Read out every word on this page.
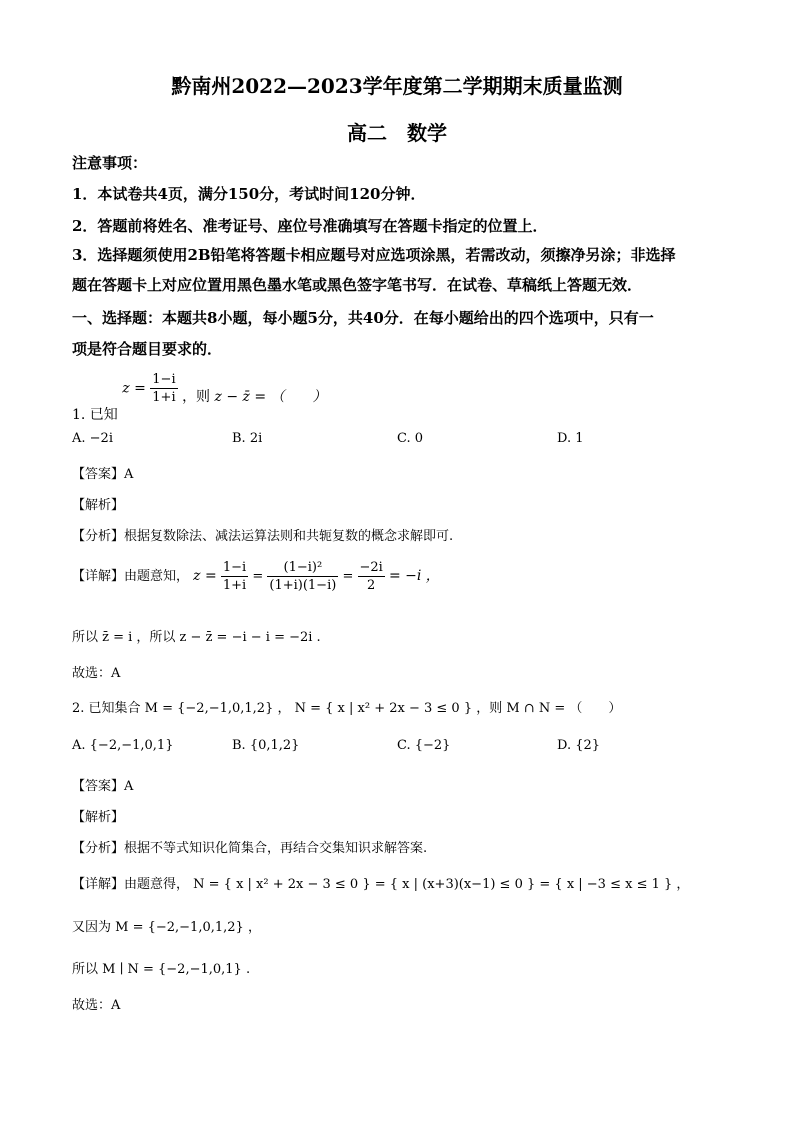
黔南州2022—2023学年度第二学期期末质量监测
高二　数学
注意事项：
1．本试卷共4页，满分150分，考试时间120分钟．
2．答题前将姓名、准考证号、座位号准确填写在答题卡指定的位置上．
3．选择题须使用2B铅笔将答题卡相应题号对应选项涂黑，若需改动，须擦净另涂；非选择
题在答题卡上对应位置用黑色墨水笔或黑色签字笔书写．在试卷、草稿纸上答题无效．
一、选择题：本题共8小题，每小题5分，共40分．在每小题给出的四个选项中，只有一
项是符合题目要求的．
1. 已知 $z = \frac{1-i}{1+i}$ ，则 z − z̄ = （　　）
A. −2i	B. 2i	C. 0	D. 1
【答案】A
【解析】
【分析】根据复数除法、减法运算法则和共轭复数的概念求解即可.
【详解】由题意知， $z = \frac{1-i}{1+i} = \frac{\text{(1−i)²}}{(1+i)(1-i)} = \frac{-2i}{2} = -i$ ，
所以 z̄ = i ，所以 z − z̄ = −i − i = −2i .
故选：A
2. 已知集合 M = {−2,−1,0,1,2} ， N = { x | x² + 2x − 3 ≤ 0 } ，则 M ∩ N = （　　）
A. {−2,−1,0,1}	B. {0,1,2}	C. {−2}	D. {2}
【答案】A
【解析】
【分析】根据不等式知识化简集合，再结合交集知识求解答案.
【详解】由题意得， N = { x | x² + 2x − 3 ≤ 0 } = { x | (x+3)(x−1) ≤ 0 } = { x | −3 ≤ x ≤ 1 } ，
又因为 M = {−2,−1,0,1,2} ，
所以 M ∣ N = {−2,−1,0,1} .
故选：A
